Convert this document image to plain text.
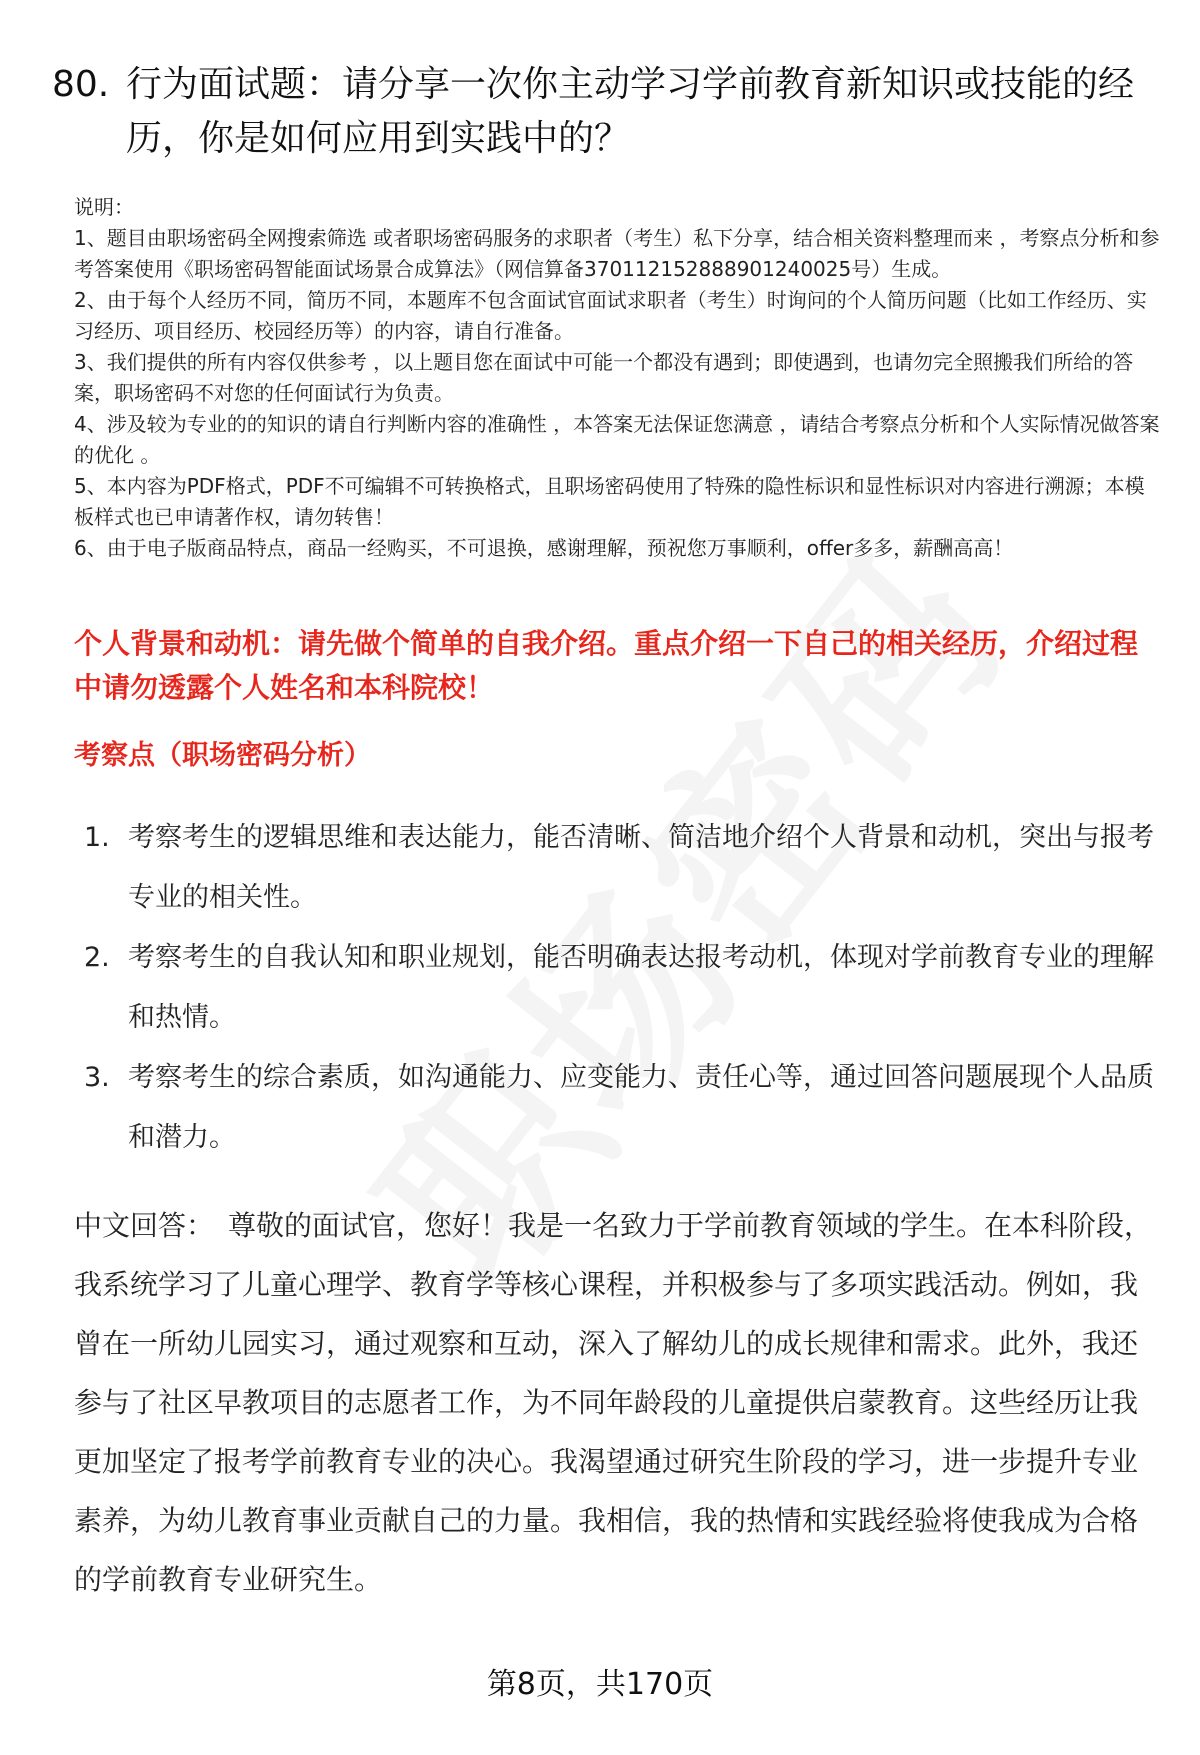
80. 行为面试题：请分享一次你主动学习学前教育新知识或技能的经历，你是如何应用到实践中的？

说明：

1、题目由职场密码全网搜索筛选 或者职场密码服务的求职者（考生）私下分享，结合相关资料整理而来 ，考察点分析和参考答案使用《职场密码智能面试场景合成算法》（网信算备370112152888901240025号）生成。

2、由于每个人经历不同，简历不同，本题库不包含面试官面试求职者（考生）时询问的个人简历问题（比如工作经历、实习经历、项目经历、校园经历等）的内容，请自行准备。

3、我们提供的所有内容仅供参考 ，以上题目您在面试中可能一个都没有遇到；即使遇到，也请勿完全照搬我们所给的答案，职场密码不对您的任何面试行为负责。

4、涉及较为专业的的知识的请自行判断内容的准确性 ，本答案无法保证您满意 ，请结合考察点分析和个人实际情况做答案的优化 。

5、本内容为PDF格式，PDF不可编辑不可转换格式，且职场密码使用了特殊的隐性标识和显性标识对内容进行溯源；本模板样式也已申请著作权，请勿转售！

6、由于电子版商品特点，商品一经购买，不可退换，感谢理解，预祝您万事顺利，offer多多，薪酬高高！

个人背景和动机：请先做个简单的自我介绍。重点介绍一下自己的相关经历，介绍过程中请勿透露个人姓名和本科院校！
考察点（职场密码分析）
1. 考察考生的逻辑思维和表达能力，能否清晰、简洁地介绍个人背景和动机，突出与报考专业的相关性。
2. 考察考生的自我认知和职业规划，能否明确表达报考动机，体现对学前教育专业的理解和热情。
3. 考察考生的综合素质，如沟通能力、应变能力、责任心等，通过回答问题展现个人品质和潜力。
中文回答： 尊敬的面试官，您好！我是一名致力于学前教育领域的学生。在本科阶段，我系统学习了儿童心理学、教育学等核心课程，并积极参与了多项实践活动。例如，我曾在一所幼儿园实习，通过观察和互动，深入了解幼儿的成长规律和需求。此外，我还参与了社区早教项目的志愿者工作，为不同年龄段的儿童提供启蒙教育。这些经历让我更加坚定了报考学前教育专业的决心。我渴望通过研究生阶段的学习，进一步提升专业素养，为幼儿教育事业贡献自己的力量。我相信，我的热情和实践经验将使我成为合格的学前教育专业研究生。
第8页，共170页
